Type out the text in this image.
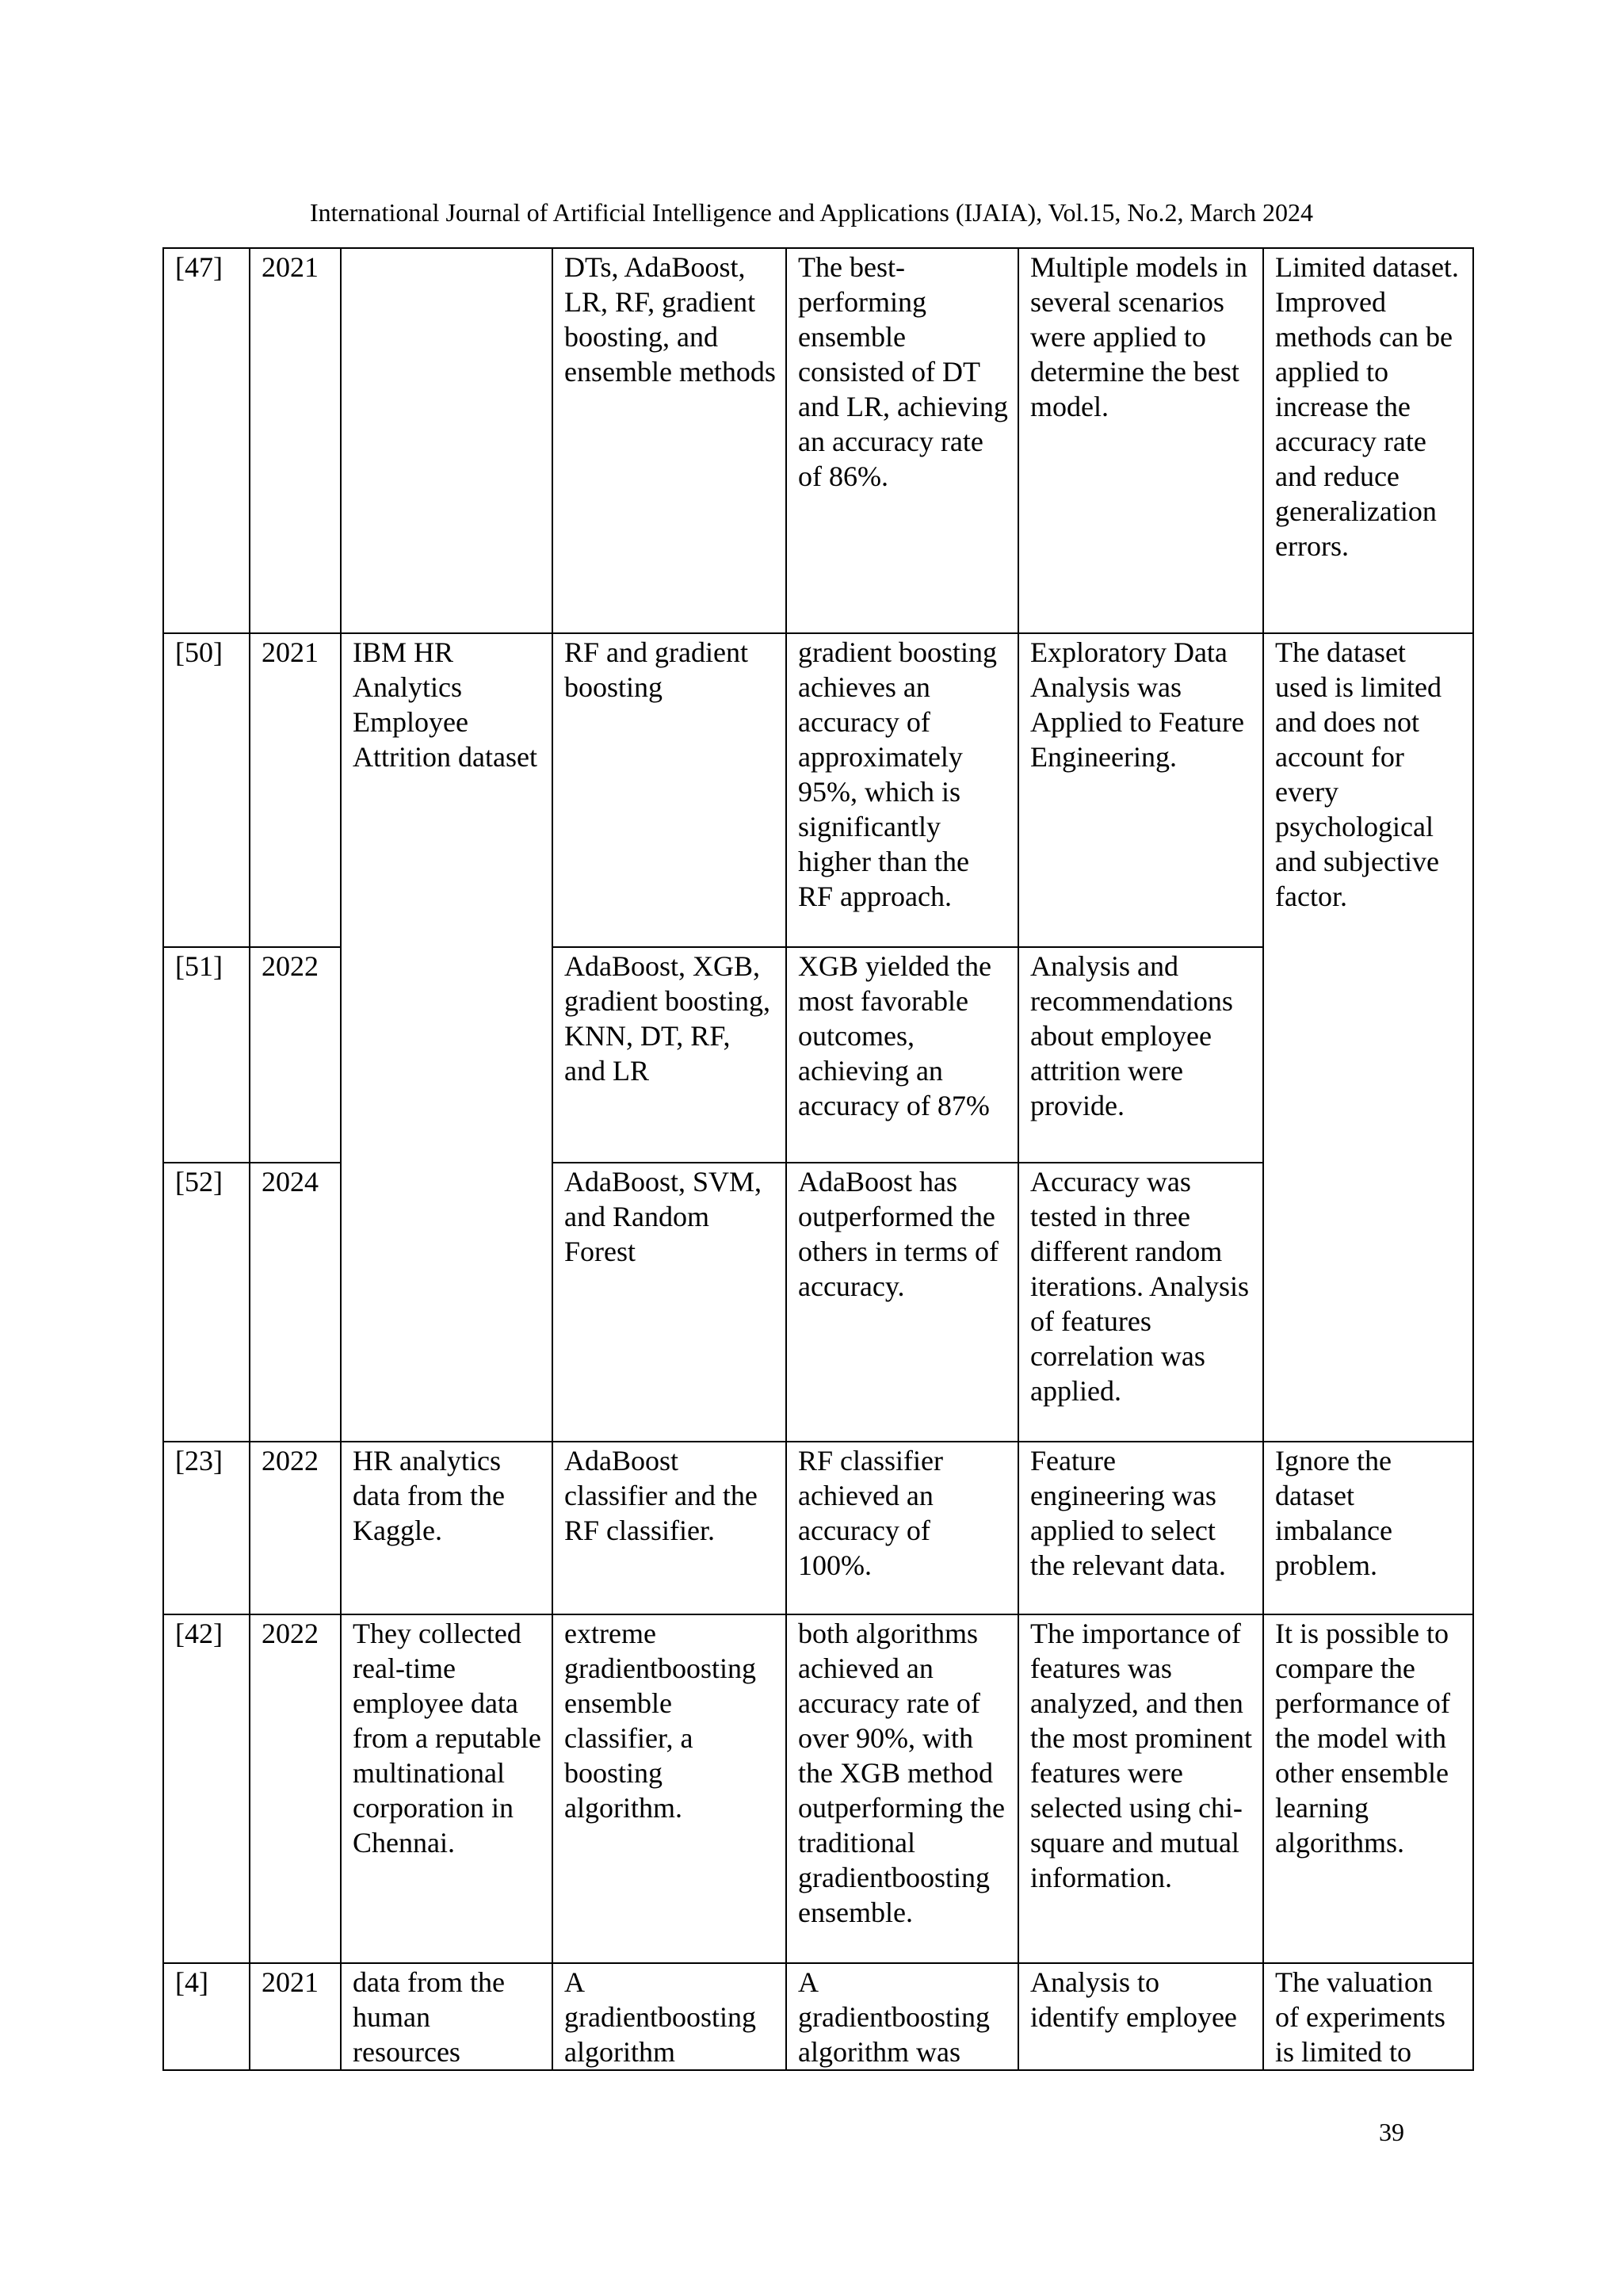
International Journal of Artificial Intelligence and Applications (IJAIA), Vol.15, No.2, March 2024
[47]	2021		DTs, AdaBoost, LR, RF, gradient boosting, and ensemble methods	The best-performing ensemble consisted of DT and LR, achieving an accuracy rate of 86%.	Multiple models in several scenarios were applied to determine the best model.	Limited dataset. Improved methods can be applied to increase the accuracy rate and reduce generalization errors.
[50]	2021	IBM HR Analytics Employee Attrition dataset	RF and gradient boosting	gradient boosting achieves an accuracy of approximately 95%, which is significantly higher than the RF approach.	Exploratory Data Analysis was Applied to Feature Engineering.	The dataset used is limited and does not account for every psychological and subjective factor.
[51]	2022		AdaBoost, XGB, gradient boosting, KNN, DT, RF, and LR	XGB yielded the most favorable outcomes, achieving an accuracy of 87%	Analysis and recommendations about employee attrition were provide.	
[52]	2024		AdaBoost, SVM, and Random Forest	AdaBoost has outperformed the others in terms of accuracy.	Accuracy was tested in three different random iterations. Analysis of features correlation was applied.	
[23]	2022	HR analytics data from the Kaggle.	AdaBoost classifier and the RF classifier.	RF classifier achieved an accuracy of 100%.	Feature engineering was applied to select the relevant data.	Ignore the dataset imbalance problem.
[42]	2022	They collected real-time employee data from a reputable multinational corporation in Chennai.	extreme gradientboosting ensemble classifier, a boosting algorithm.	both algorithms achieved an accuracy rate of over 90%, with the XGB method outperforming the traditional gradientboosting ensemble.	The importance of features was analyzed, and then the most prominent features were selected using chi-square and mutual information.	It is possible to compare the performance of the model with other ensemble learning algorithms.
[4]	2021	data from the human resources	A gradientboosting algorithm	A gradientboosting algorithm was	Analysis to identify employee	The valuation of experiments is limited to
39
